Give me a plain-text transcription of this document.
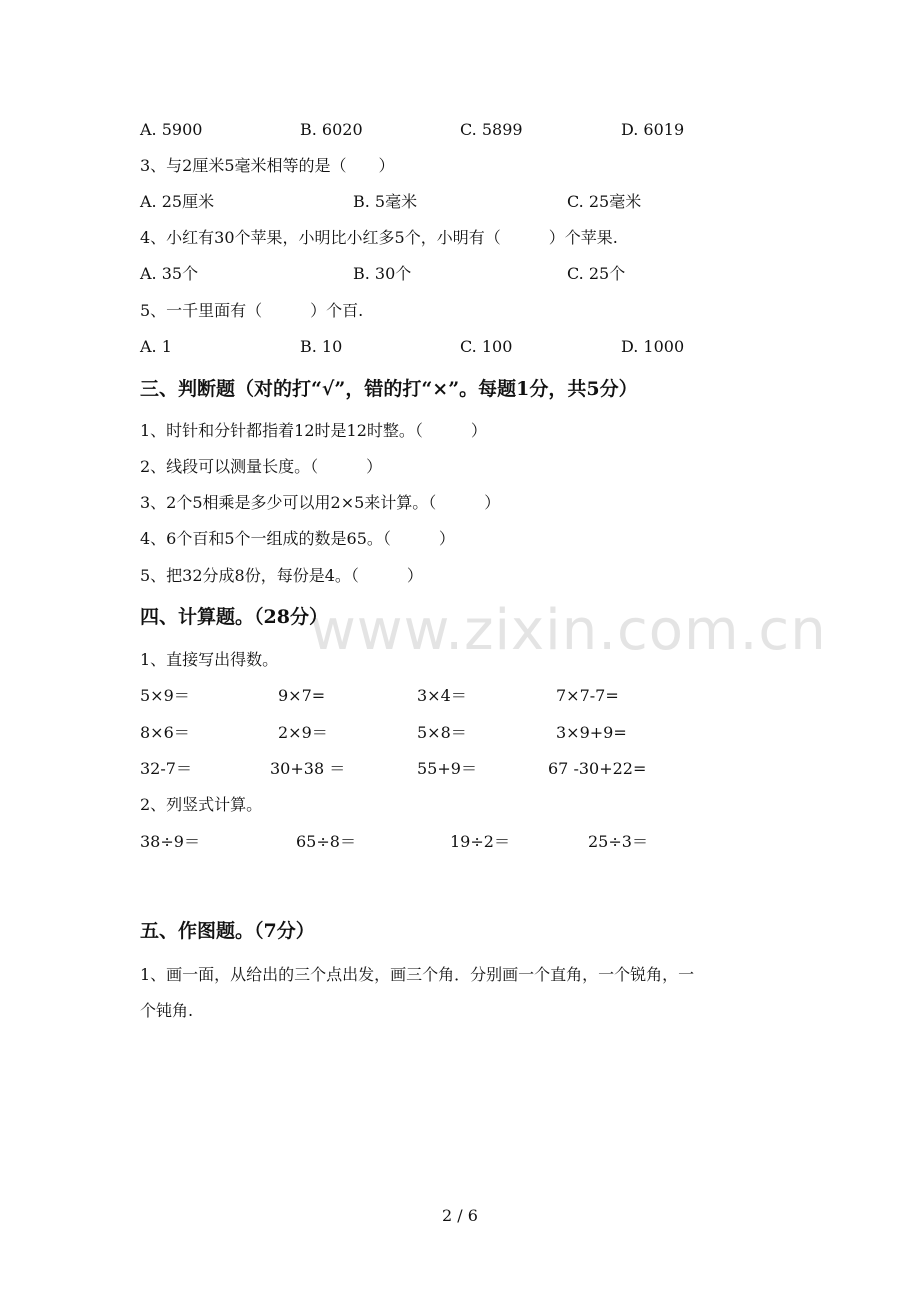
A. 5900	B. 6020	C. 5899	D. 6019
3、与2厘米5毫米相等的是（　　）
A. 25厘米	B. 5毫米	C. 25毫米
4、小红有30个苹果，小明比小红多5个，小明有（　　　）个苹果.
A. 35个	B. 30个	C. 25个
5、一千里面有（　　　）个百.
A. 1	B. 10	C. 100	D. 1000
三、判断题（对的打“√”，错的打“×”。每题1分，共5分）
1、时针和分针都指着12时是12时整。（　　　）
2、线段可以测量长度。（　　　）
3、2个5相乘是多少可以用2×5来计算。（　　　）
4、6个百和5个一组成的数是65。（　　　）
5、把32分成8份，每份是4。（　　　）
www.zixin.com.cn
四、计算题。（28分）
1、直接写出得数。
5×9＝	9×7=	3×4＝	7×7-7=
8×6＝	2×9＝	5×8＝	3×9+9=
32-7＝	30+38 ＝	55+9＝	67 -30+22=
2、列竖式计算。
38÷9＝	65÷8＝	19÷2＝	25÷3＝
五、作图题。（7分）
1、画一面，从给出的三个点出发，画三个角．分别画一个直角，一个锐角，一
个钝角.
2 / 6
